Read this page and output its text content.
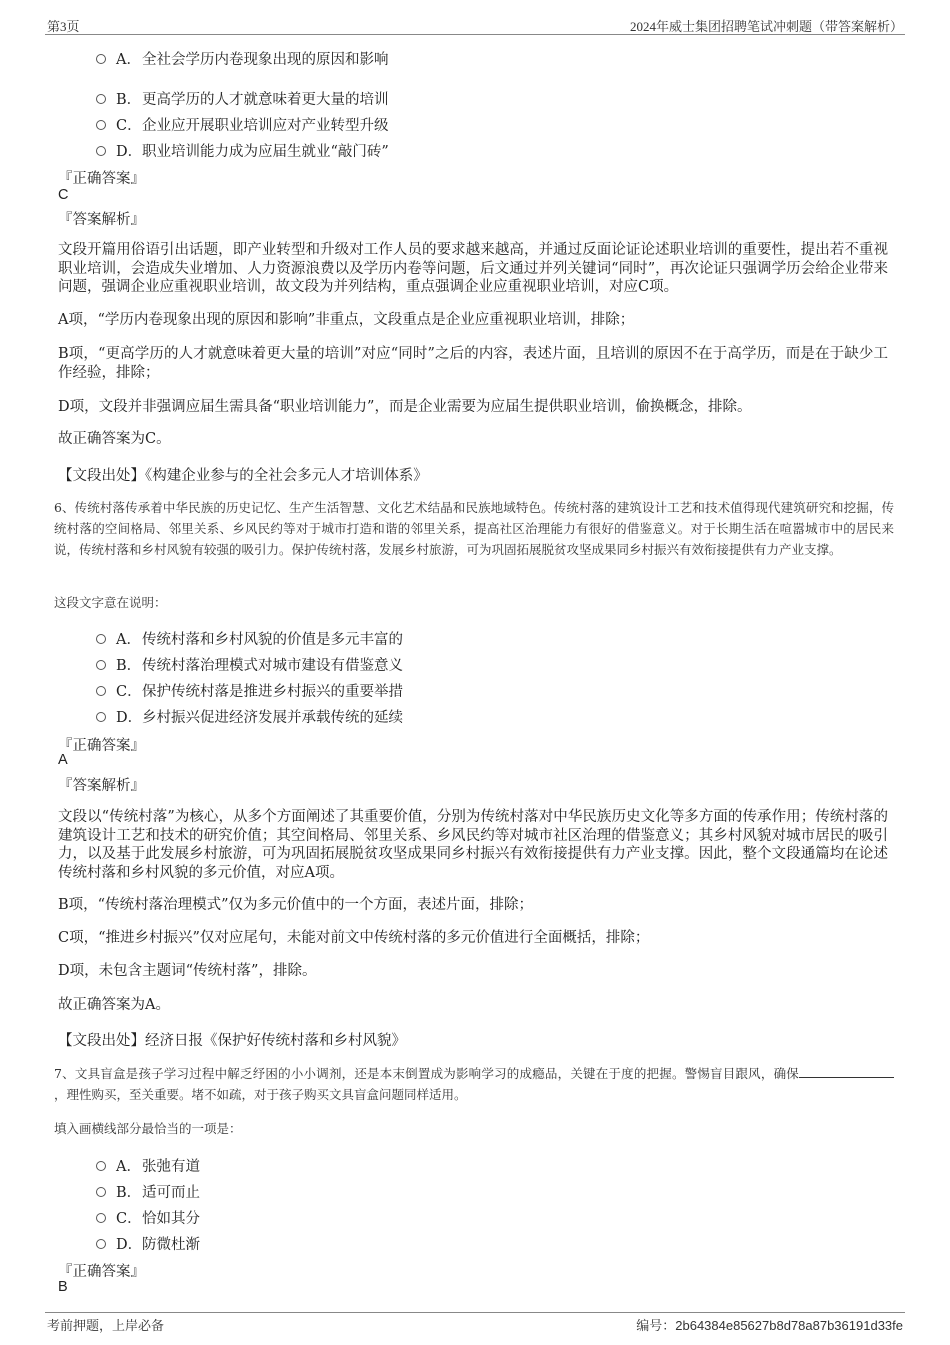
第3页	2024年威士集团招聘笔试冲刺题（带答案解析）
A．全社会学历内卷现象出现的原因和影响
B．更高学历的人才就意味着更大量的培训
C．企业应开展职业培训应对产业转型升级
D．职业培训能力成为应届生就业“敲门砖”
『正确答案』
C
『答案解析』
文段开篇用俗语引出话题，即产业转型和升级对工作人员的要求越来越高，并通过反面论证论述职业培训的重要性，提出若不重视职业培训，会造成失业增加、人力资源浪费以及学历内卷等问题，后文通过并列关键词“同时”，再次论证只强调学历会给企业带来问题，强调企业应重视职业培训，故文段为并列结构，重点强调企业应重视职业培训，对应C项。
A项，“学历内卷现象出现的原因和影响”非重点，文段重点是企业应重视职业培训，排除；
B项，“更高学历的人才就意味着更大量的培训”对应“同时”之后的内容，表述片面，且培训的原因不在于高学历，而是在于缺少工作经验，排除；
D项，文段并非强调应届生需具备“职业培训能力”，而是企业需要为应届生提供职业培训，偷换概念，排除。
故正确答案为C。
【文段出处】《构建企业参与的全社会多元人才培训体系》
6、传统村落传承着中华民族的历史记忆、生产生活智慧、文化艺术结晶和民族地域特色。传统村落的建筑设计工艺和技术值得现代建筑研究和挖掘，传统村落的空间格局、邻里关系、乡风民约等对于城市打造和谐的邻里关系，提高社区治理能力有很好的借鉴意义。对于长期生活在喧嚣城市中的居民来说，传统村落和乡村风貌有较强的吸引力。保护传统村落，发展乡村旅游，可为巩固拓展脱贫攻坚成果同乡村振兴有效衔接提供有力产业支撑。
这段文字意在说明：
A．传统村落和乡村风貌的价值是多元丰富的
B．传统村落治理模式对城市建设有借鉴意义
C．保护传统村落是推进乡村振兴的重要举措
D．乡村振兴促进经济发展并承载传统的延续
『正确答案』
A
『答案解析』
文段以“传统村落”为核心，从多个方面阐述了其重要价值，分别为传统村落对中华民族历史文化等多方面的传承作用；传统村落的建筑设计工艺和技术的研究价值；其空间格局、邻里关系、乡风民约等对城市社区治理的借鉴意义；其乡村风貌对城市居民的吸引力，以及基于此发展乡村旅游，可为巩固拓展脱贫攻坚成果同乡村振兴有效衔接提供有力产业支撑。因此，整个文段通篇均在论述传统村落和乡村风貌的多元价值，对应A项。
B项，“传统村落治理模式”仅为多元价值中的一个方面，表述片面，排除；
C项，“推进乡村振兴”仅对应尾句，未能对前文中传统村落的多元价值进行全面概括，排除；
D项，未包含主题词“传统村落”，排除。
故正确答案为A。
【文段出处】经济日报《保护好传统村落和乡村风貌》
7、文具盲盒是孩子学习过程中解乏纾困的小小调剂，还是本末倒置成为影响学习的成瘾品，关键在于度的把握。警惕盲目跟风，确保，理性购买，至关重要。堵不如疏，对于孩子购买文具盲盒问题同样适用。
填入画横线部分最恰当的一项是：
A．张弛有道
B．适可而止
C．恰如其分
D．防微杜渐
『正确答案』
B
考前押题，上岸必备	编号：2b64384e85627b8d78a87b36191d33fe
